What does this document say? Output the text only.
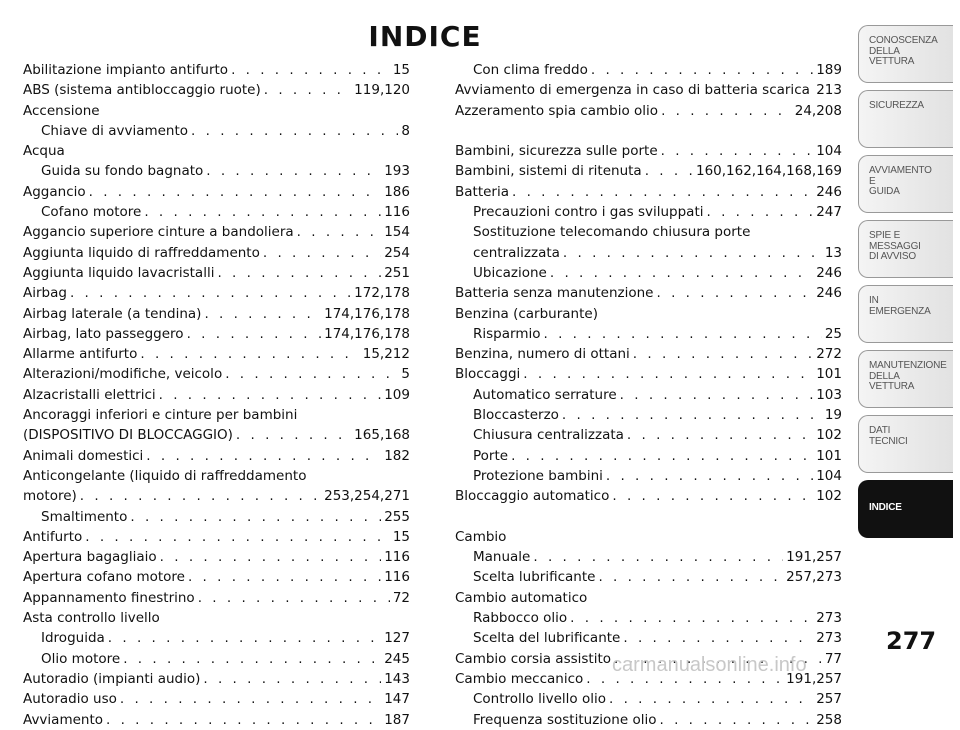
INDICE
Abilitazione impianto antifurto . . .	15
ABS (sistema antibloccaggio ruote) . . .	119,120
Accensione
Chiave di avviamento . . .	8
Acqua
Guida su fondo bagnato . . .	193
Aggancio . . .	186
Cofano motore . . .	116
Aggancio superiore cinture a bandoliera . . .	154
Aggiunta liquido di raffreddamento . . .	254
Aggiunta liquido lavacristalli . . .	251
Airbag . . .	172,178
Airbag laterale (a tendina) . . .	174,176,178
Airbag, lato passeggero . . .	174,176,178
Allarme antifurto . . .	15,212
Alterazioni/modifiche, veicolo . . .	5
Alzacristalli elettrici . . .	109
Ancoraggi inferiori e cinture per bambini
(DISPOSITIVO DI BLOCCAGGIO) . . .	165,168
Animali domestici . . .	182
Anticongelante (liquido di raffreddamento
motore) . . .	253,254,271
Smaltimento . . .	255
Antifurto . . .	15
Apertura bagagliaio . . .	116
Apertura cofano motore . . .	116
Appannamento finestrino . . .	72
Asta controllo livello
Idroguida . . .	127
Olio motore . . .	245
Autoradio (impianti audio) . . .	143
Autoradio uso . . .	147
Avviamento . . .	187
Con clima freddo . . .	189
Avviamento di emergenza in caso di batteria scarica . . . 213
Azzeramento spia cambio olio . . .	24,208
Bambini, sicurezza sulle porte . . .	104
Bambini, sistemi di ritenuta . . .	160,162,164,168,169
Batteria . . .	246
Precauzioni contro i gas sviluppati . . .	247
Sostituzione telecomando chiusura porte
centralizzata . . .	13
Ubicazione . . .	246
Batteria senza manutenzione . . .	246
Benzina (carburante)
Risparmio . . .	25
Benzina, numero di ottani . . .	272
Bloccaggi . . .	101
Automatico serrature . . .	103
Bloccasterzo . . .	19
Chiusura centralizzata . . .	102
Porte . . .	101
Protezione bambini . . .	104
Bloccaggio automatico . . .	102
Cambio
Manuale . . .	191,257
Scelta lubrificante . . .	257,273
Cambio automatico
Rabbocco olio . . .	273
Scelta del lubrificante . . .	273
Cambio corsia assistito . . .	77
Cambio meccanico . . .	191,257
Controllo livello olio . . .	257
Frequenza sostituzione olio . . .	258
CONOSCENZA
DELLA
VETTURA
SICUREZZA
AVVIAMENTO
E
GUIDA
SPIE E
MESSAGGI
DI AVVISO
IN
EMERGENZA
MANUTENZIONE
DELLA
VETTURA
DATI
TECNICI
INDICE
277
carmanualsonline.info
